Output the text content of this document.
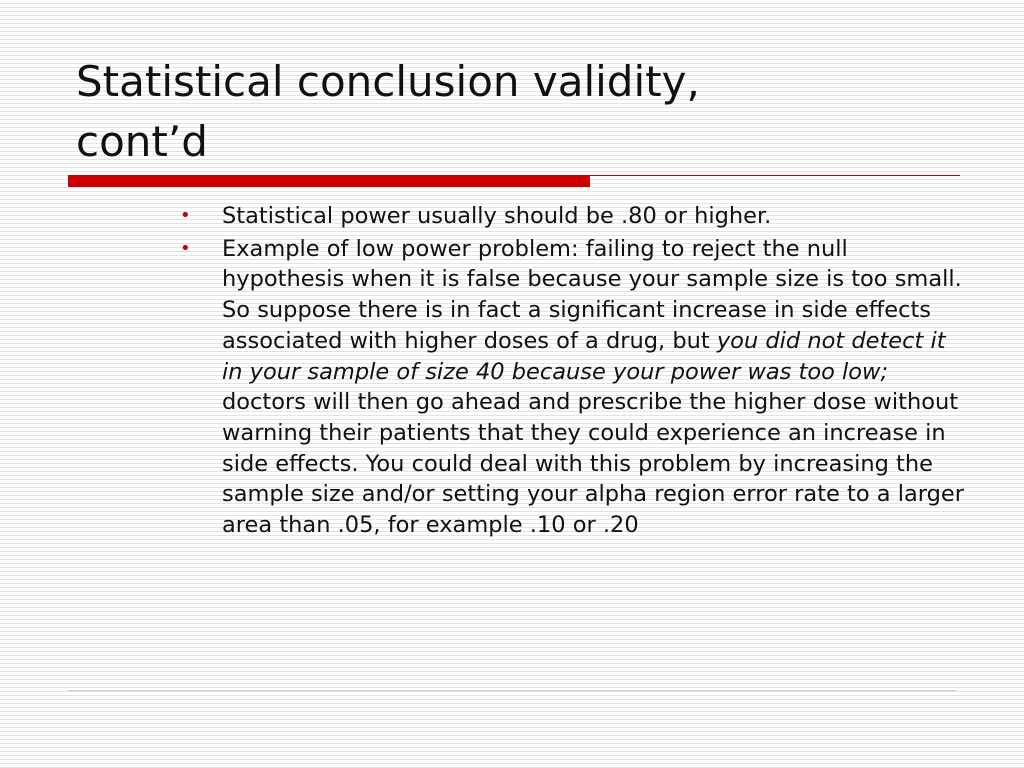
Statistical conclusion validity,
cont’d
•	Statistical power usually should be .80 or higher.
•	Example of low power problem: failing to reject the null hypothesis when it is false because your sample size is too small. So suppose there is in fact a significant increase in side effects associated with higher doses of a drug, but you did not detect it in your sample of size 40 because your power was too low; doctors will then go ahead and prescribe the higher dose without warning their patients that they could experience an increase in side effects. You could deal with this problem by increasing the sample size and/or setting your alpha region error rate to a larger area than .05, for example .10 or .20
